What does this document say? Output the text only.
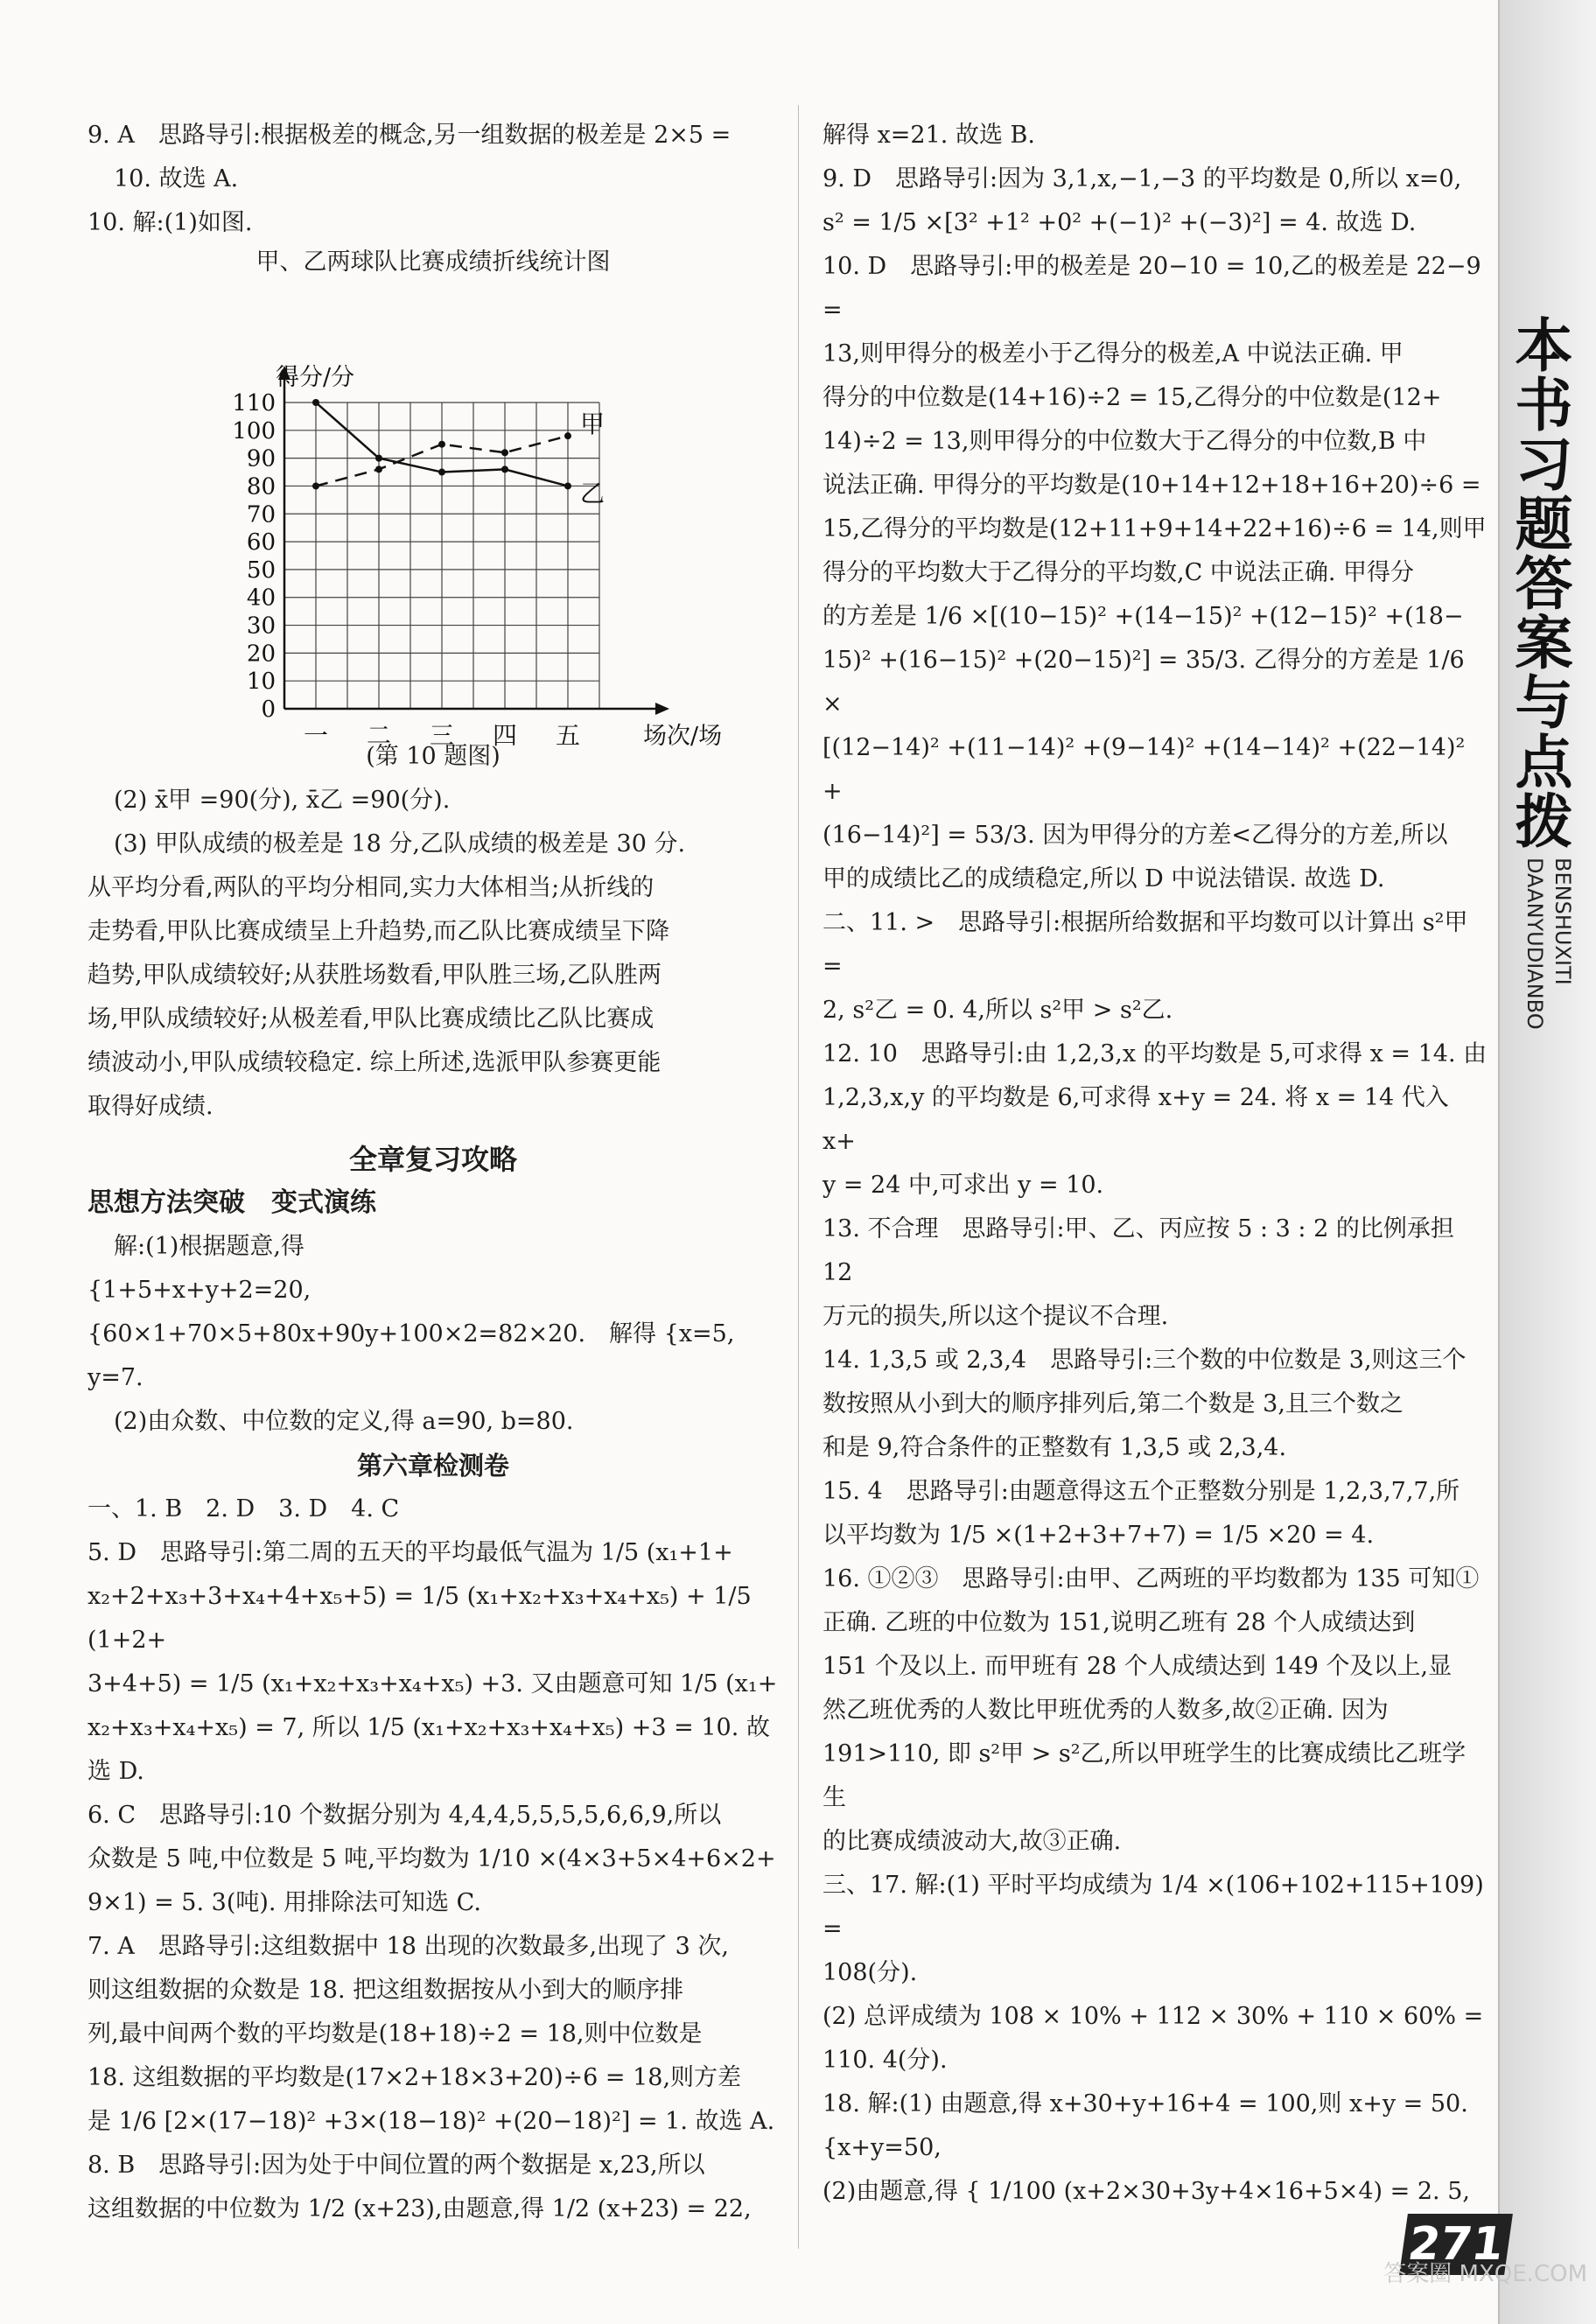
9. A　思路导引:根据极差的概念,另一组数据的极差是 2×5 =

10. 故选 A.

10. 解:(1)如图.

甲、乙两球队比赛成绩折线统计图
0
10
20
30
40
50
60
70
80
90
100
110
一 二 三 四 五	场次/场
得分/分
甲
乙

(第 10 题图)

(2) x̄甲 =90(分), x̄乙 =90(分).

(3) 甲队成绩的极差是 18 分,乙队成绩的极差是 30 分.

从平均分看,两队的平均分相同,实力大体相当;从折线的

走势看,甲队比赛成绩呈上升趋势,而乙队比赛成绩呈下降

趋势,甲队成绩较好;从获胜场数看,甲队胜三场,乙队胜两

场,甲队成绩较好;从极差看,甲队比赛成绩比乙队比赛成

绩波动小,甲队成绩较稳定. 综上所述,选派甲队参赛更能

取得好成绩.

全章复习攻略

思想方法突破　变式演练

解:(1)根据题意,得

{1+5+x+y+2=20,

{60×1+70×5+80x+90y+100×2=82×20.　解得 {x=5, y=7.

(2)由众数、中位数的定义,得 a=90, b=80.

第六章检测卷

一、1. B　2. D　3. D　4. C

5. D　思路导引:第二周的五天的平均最低气温为 1/5 (x₁+1+

x₂+2+x₃+3+x₄+4+x₅+5) = 1/5 (x₁+x₂+x₃+x₄+x₅) + 1/5 (1+2+

3+4+5) = 1/5 (x₁+x₂+x₃+x₄+x₅) +3. 又由题意可知 1/5 (x₁+

x₂+x₃+x₄+x₅) = 7, 所以 1/5 (x₁+x₂+x₃+x₄+x₅) +3 = 10. 故

选 D.

6. C　思路导引:10 个数据分别为 4,4,4,5,5,5,5,6,6,9,所以

众数是 5 吨,中位数是 5 吨,平均数为 1/10 ×(4×3+5×4+6×2+

9×1) = 5. 3(吨). 用排除法可知选 C.

7. A　思路导引:这组数据中 18 出现的次数最多,出现了 3 次,

则这组数据的众数是 18. 把这组数据按从小到大的顺序排

列,最中间两个数的平均数是(18+18)÷2 = 18,则中位数是

18. 这组数据的平均数是(17×2+18×3+20)÷6 = 18,则方差

是 1/6 [2×(17−18)² +3×(18−18)² +(20−18)²] = 1. 故选 A.

8. B　思路导引:因为处于中间位置的两个数据是 x,23,所以

这组数据的中位数为 1/2 (x+23),由题意,得 1/2 (x+23) = 22,

解得 x=21. 故选 B.

9. D　思路导引:因为 3,1,x,−1,−3 的平均数是 0,所以 x=0,

s² = 1/5 ×[3² +1² +0² +(−1)² +(−3)²] = 4. 故选 D.

10. D　思路导引:甲的极差是 20−10 = 10,乙的极差是 22−9 =

13,则甲得分的极差小于乙得分的极差,A 中说法正确. 甲

得分的中位数是(14+16)÷2 = 15,乙得分的中位数是(12+

14)÷2 = 13,则甲得分的中位数大于乙得分的中位数,B 中

说法正确. 甲得分的平均数是(10+14+12+18+16+20)÷6 =

15,乙得分的平均数是(12+11+9+14+22+16)÷6 = 14,则甲

得分的平均数大于乙得分的平均数,C 中说法正确. 甲得分

的方差是 1/6 ×[(10−15)² +(14−15)² +(12−15)² +(18−

15)² +(16−15)² +(20−15)²] = 35/3. 乙得分的方差是 1/6 ×

[(12−14)² +(11−14)² +(9−14)² +(14−14)² +(22−14)² +

(16−14)²] = 53/3. 因为甲得分的方差<乙得分的方差,所以

甲的成绩比乙的成绩稳定,所以 D 中说法错误. 故选 D.

二、11. >　思路导引:根据所给数据和平均数可以计算出 s²甲 =

2, s²乙 = 0. 4,所以 s²甲 > s²乙.

12. 10　思路导引:由 1,2,3,x 的平均数是 5,可求得 x = 14. 由

1,2,3,x,y 的平均数是 6,可求得 x+y = 24. 将 x = 14 代入 x+

y = 24 中,可求出 y = 10.

13. 不合理　思路导引:甲、乙、丙应按 5 : 3 : 2 的比例承担 12

万元的损失,所以这个提议不合理.

14. 1,3,5 或 2,3,4　思路导引:三个数的中位数是 3,则这三个

数按照从小到大的顺序排列后,第二个数是 3,且三个数之

和是 9,符合条件的正整数有 1,3,5 或 2,3,4.

15. 4　思路导引:由题意得这五个正整数分别是 1,2,3,7,7,所

以平均数为 1/5 ×(1+2+3+7+7) = 1/5 ×20 = 4.

16. ①②③　思路导引:由甲、乙两班的平均数都为 135 可知①

正确. 乙班的中位数为 151,说明乙班有 28 个人成绩达到

151 个及以上. 而甲班有 28 个人成绩达到 149 个及以上,显

然乙班优秀的人数比甲班优秀的人数多,故②正确. 因为

191>110, 即 s²甲 > s²乙,所以甲班学生的比赛成绩比乙班学生

的比赛成绩波动大,故③正确.

三、17. 解:(1) 平时平均成绩为 1/4 ×(106+102+115+109) =

108(分).

(2) 总评成绩为 108 × 10% + 112 × 30% + 110 × 60% =

110. 4(分).

18. 解:(1) 由题意,得 x+30+y+16+4 = 100,则 x+y = 50.

{x+y=50,

(2)由题意,得 { 1/100 (x+2×30+3y+4×16+5×4) = 2. 5,

本书习题答案与点拨
BENSHUXITI
DAANYUDIANBO
271
答案圈 MXQE.COM
